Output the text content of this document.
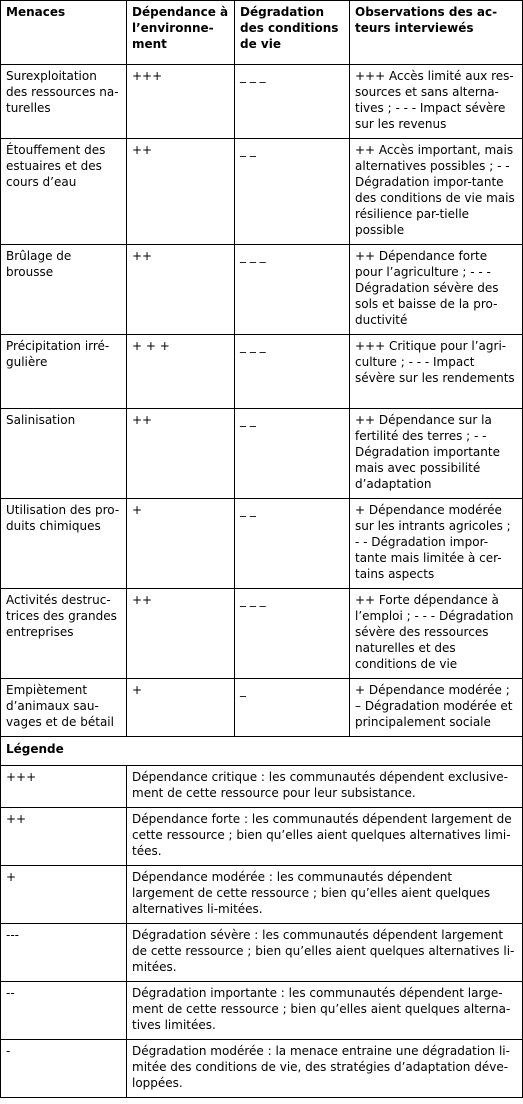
Menaces	Dépendance à l’environne-ment	Dégradation des conditions de vie	Observations des ac-teurs interviewés
Surexploitation des ressources na-turelles	+++	_ _ _	+++ Accès limité aux res-sources et sans alterna-tives ; - - - Impact sévère sur les revenus
Étouffement des estuaires et des cours d’eau	++	_ _	++ Accès important, mais alternatives possibles ; - - Dégradation impor-tante des conditions de vie mais résilience par-tielle possible
Brûlage de brousse	++	_ _ _	++ Dépendance forte pour l’agriculture ; - - - Dégradation sévère des sols et baisse de la pro-ductivité
Précipitation irré-gulière	+ + +	_ _ _	+++ Critique pour l’agri-culture ; - - - Impact sévère sur les rendements
Salinisation	++	_ _	++ Dépendance sur la fertilité des terres ; - - Dégradation importante mais avec possibilité d’adaptation
Utilisation des pro-duits chimiques	+	_ _	+ Dépendance modérée sur les intrants agricoles ; - - Dégradation impor-tante mais limitée à cer-tains aspects
Activités destruc-trices des grandes entreprises	++	_ _ _	++ Forte dépendance à l’emploi ; - - - Dégradation sévère des ressources naturelles et des conditions de vie
Empiètement d’animaux sau-vages et de bétail	+	_	+ Dépendance modérée ; – Dégradation modérée et principalement sociale
Légende			
+++	Dépendance critique : les communautés dépendent exclusive-ment de cette ressource pour leur subsistance.
++	Dépendance forte : les communautés dépendent largement de cette ressource ; bien qu’elles aient quelques alternatives limi-tées.
+	Dépendance modérée : les communautés dépendent largement de cette ressource ; bien qu’elles aient quelques alternatives li-mitées.
---	Dégradation sévère : les communautés dépendent largement de cette ressource ; bien qu’elles aient quelques alternatives li-mitées.
--	Dégradation importante : les communautés dépendent large-ment de cette ressource ; bien qu’elles aient quelques alterna-tives limitées.
-	Dégradation modérée : la menace entraine une dégradation li-mitée des conditions de vie, des stratégies d’adaptation déve-loppées.
